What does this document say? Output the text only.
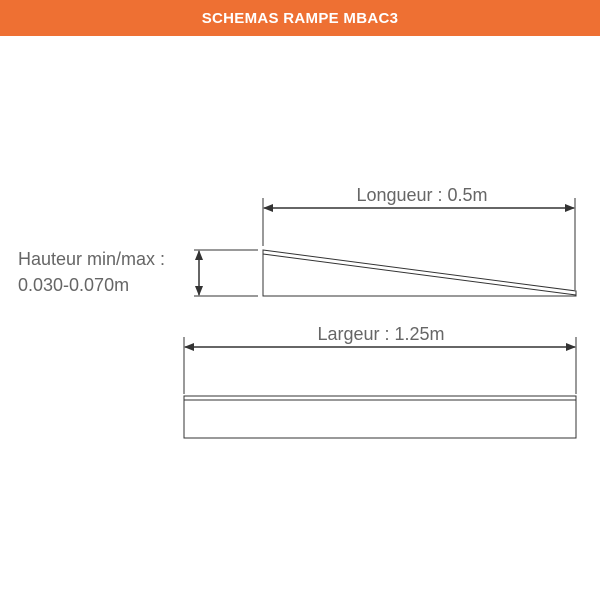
SCHEMAS RAMPE MBAC3
Longueur : 0.5m
Hauteur min/max :
0.030-0.070m
Largeur : 1.25m
